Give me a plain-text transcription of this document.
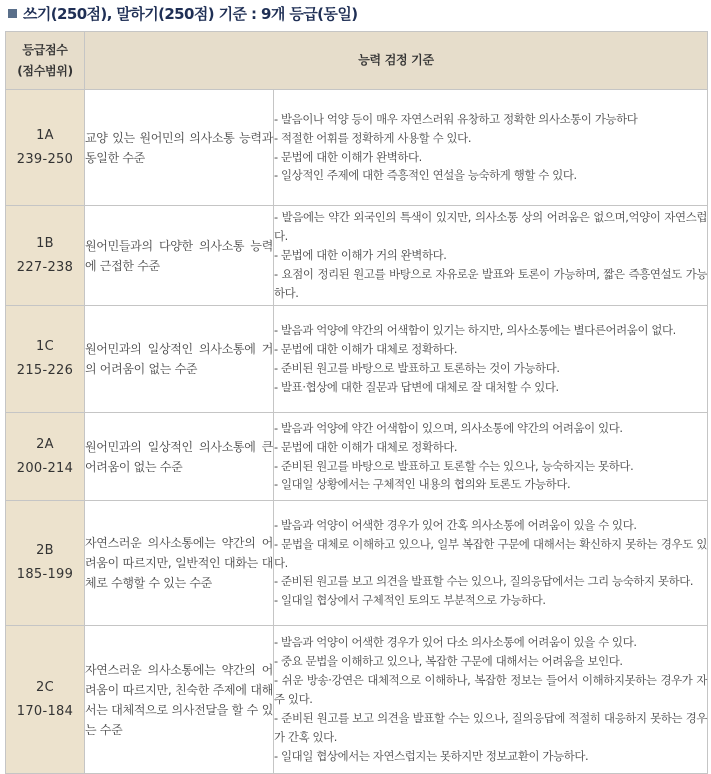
쓰기(250점), 말하기(250점) 기준 : 9개 등급(동일)
등급점수
(점수범위)	능력 검정 기준	
1A
239-250	교양 있는 원어민의 의사소통 능력과 동일한 수준	- 발음이나 억양 등이 매우 자연스러워 유창하고 정확한 의사소통이 가능하다
- 적절한 어휘를 정확하게 사용할 수 있다.
- 문법에 대한 이해가 완벽하다.
- 일상적인 주제에 대한 즉흥적인 연설을 능숙하게 행할 수 있다.

1B
227-238	원어민들과의 다양한 의사소통 능력에 근접한 수준	- 발음에는 약간 외국인의 특색이 있지만, 의사소통 상의 어려움은 없으며,억양이 자연스럽다.
- 문법에 대한 이해가 거의 완벽하다.
- 요점이 정리된 원고를 바탕으로 자유로운 발표와 토론이 가능하며, 짧은 즉흥연설도 가능하다.

1C
215-226	원어민과의 일상적인 의사소통에 거의 어려움이 없는 수준	- 발음과 억양에 약간의 어색함이 있기는 하지만, 의사소통에는 별다른어려움이 없다.
- 문법에 대한 이해가 대체로 정확하다.
- 준비된 원고를 바탕으로 발표하고 토론하는 것이 가능하다.
- 발표·협상에 대한 질문과 답변에 대체로 잘 대처할 수 있다.

2A
200-214	원어민과의 일상적인 의사소통에 큰 어려움이 없는 수준	- 발음과 억양에 약간 어색함이 있으며, 의사소통에 약간의 어려움이 있다.
- 문법에 대한 이해가 대체로 정확하다.
- 준비된 원고를 바탕으로 발표하고 토론할 수는 있으나, 능숙하지는 못하다.
- 일대일 상황에서는 구체적인 내용의 협의와 토론도 가능하다.

2B
185-199	자연스러운 의사소통에는 약간의 어려움이 따르지만, 일반적인 대화는 대체로 수행할 수 있는 수준	- 발음과 억양이 어색한 경우가 있어 간혹 의사소통에 어려움이 있을 수 있다.
- 문법을 대체로 이해하고 있으나, 일부 복잡한 구문에 대해서는 확신하지 못하는 경우도 있다.
- 준비된 원고를 보고 의견을 발표할 수는 있으나, 질의응답에서는 그리 능숙하지 못하다.
- 일대일 협상에서 구체적인 토의도 부분적으로 가능하다.

2C
170-184	자연스러운 의사소통에는 약간의 어려움이 따르지만, 친숙한 주제에 대해서는 대체적으로 의사전달을 할 수 있는 수준	- 발음과 억양이 어색한 경우가 있어 다소 의사소통에 어려움이 있을 수 있다.
- 중요 문법을 이해하고 있으나, 복잡한 구문에 대해서는 어려움을 보인다.
- 쉬운 방송·강연은 대체적으로 이해하나, 복잡한 정보는 들어서 이해하지못하는 경우가 자주 있다.
- 준비된 원고를 보고 의견을 발표할 수는 있으나, 질의응답에 적절히 대응하지 못하는 경우가 간혹 있다.
- 일대일 협상에서는 자연스럽지는 못하지만 정보교환이 가능하다.
